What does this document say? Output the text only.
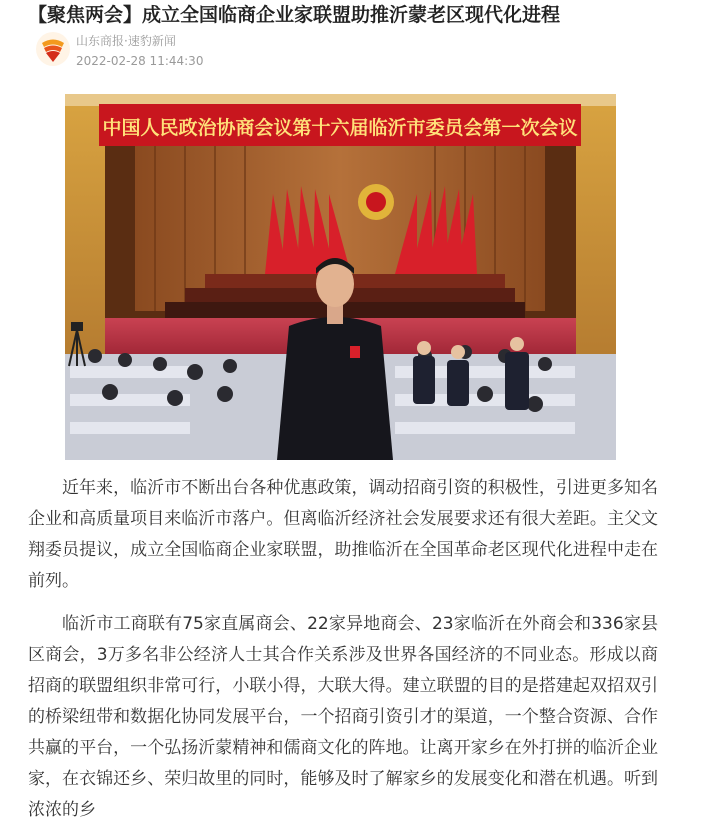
【聚焦两会】成立全国临商企业家联盟助推沂蒙老区现代化进程
山东商报·速豹新闻
2022-02-28 11:44:30
中国人民政治协商会议第十六届临沂市委员会第一次会议

近年来，临沂市不断出台各种优惠政策，调动招商引资的积极性，引进更多知名企业和高质量项目来临沂市落户。但离临沂经济社会发展要求还有很大差距。主父文翔委员提议，成立全国临商企业家联盟，助推临沂在全国革命老区现代化进程中走在前列。

临沂市工商联有75家直属商会、22家异地商会、23家临沂在外商会和336家县区商会，3万多名非公经济人士其合作关系涉及世界各国经济的不同业态。形成以商招商的联盟组织非常可行，小联小得，大联大得。建立联盟的目的是搭建起双招双引的桥梁纽带和数据化协同发展平台，一个招商引资引才的渠道，一个整合资源、合作共赢的平台，一个弘扬沂蒙精神和儒商文化的阵地。让离开家乡在外打拼的临沂企业家，在衣锦还乡、荣归故里的同时，能够及时了解家乡的发展变化和潜在机遇。听到浓浓的乡
